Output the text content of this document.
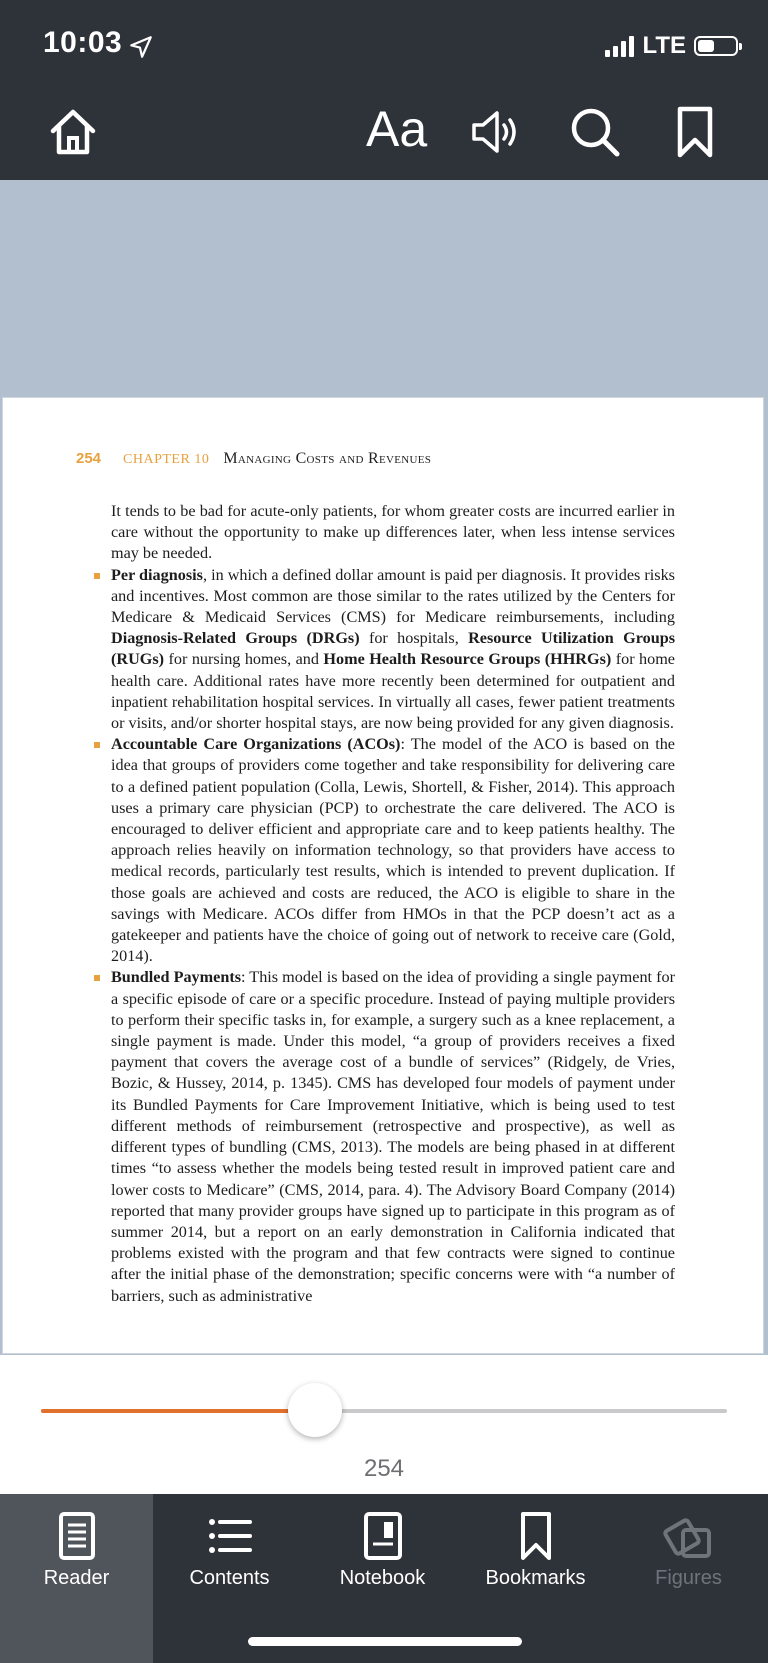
10:03	LTE
Aa
254 CHAPTER 10 Managing Costs and Revenues

It tends to be bad for acute-only patients, for whom greater costs are incurred earlier in care without the opportunity to make up differences later, when less intense services may be needed.

Per diagnosis, in which a defined dollar amount is paid per diagnosis. It provides risks and incentives. Most common are those similar to the rates utilized by the Centers for Medicare & Medicaid Services (CMS) for Medicare reimbursements, including Diagnosis-Related Groups (DRGs) for hospitals, Resource Utilization Groups (RUGs) for nursing homes, and Home Health Resource Groups (HHRGs) for home health care. Additional rates have more recently been determined for outpatient and inpatient rehabilitation hospital services. In virtually all cases, fewer patient treatments or visits, and/or shorter hospital stays, are now being provided for any given diagnosis.

Accountable Care Organizations (ACOs): The model of the ACO is based on the idea that groups of providers come together and take responsibility for delivering care to a defined patient population (Colla, Lewis, Shortell, & Fisher, 2014). This approach uses a primary care physician (PCP) to orchestrate the care delivered. The ACO is encouraged to deliver efficient and appropriate care and to keep patients healthy. The approach relies heavily on information technology, so that providers have access to medical records, particularly test results, which is intended to prevent duplication. If those goals are achieved and costs are reduced, the ACO is eligible to share in the savings with Medicare. ACOs differ from HMOs in that the PCP doesn’t act as a gatekeeper and patients have the choice of going out of network to receive care (Gold, 2014).

Bundled Payments: This model is based on the idea of providing a single payment for a specific episode of care or a specific procedure. Instead of paying multiple providers to perform their specific tasks in, for example, a surgery such as a knee replacement, a single payment is made. Under this model, “a group of providers receives a fixed payment that covers the average cost of a bundle of services” (Ridgely, de Vries, Bozic, & Hussey, 2014, p. 1345). CMS has developed four models of payment under its Bundled Payments for Care Improvement Initiative, which is being used to test different methods of reimbursement (retrospective and prospective), as well as different types of bundling (CMS, 2013). The models are being phased in at different times “to assess whether the models being tested result in improved patient care and lower costs to Medicare” (CMS, 2014, para. 4). The Advisory Board Company (2014) reported that many provider groups have signed up to participate in this program as of summer 2014, but a report on an early demonstration in California indicated that problems existed with the program and that few contracts were signed to continue after the initial phase of the demonstration; specific concerns were with “a number of barriers, such as administrative

254
Reader	Contents	Notebook	Bookmarks	Figures
